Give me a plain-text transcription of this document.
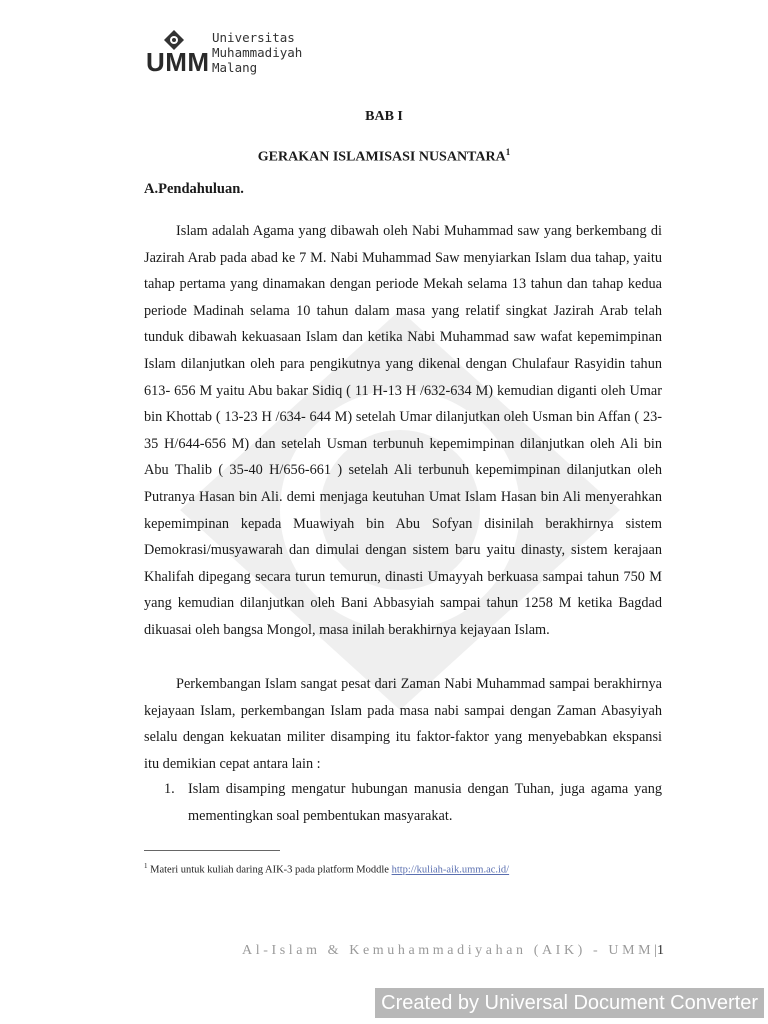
UMM
Universitas
Muhammadiyah
Malang
BAB I
GERAKAN ISLAMISASI NUSANTARA$^1$
A.Pendahuluan.

Islam adalah Agama yang dibawah oleh Nabi Muhammad saw yang berkembang di Jazirah Arab pada abad ke 7 M. Nabi Muhammad Saw menyiarkan Islam dua tahap, yaitu tahap pertama yang dinamakan dengan periode Mekah selama 13 tahun dan tahap kedua periode Madinah selama 10 tahun dalam masa yang relatif singkat Jazirah Arab telah tunduk dibawah kekuasaan Islam dan ketika Nabi Muhammad saw wafat kepemimpinan Islam dilanjutkan oleh para pengikutnya yang dikenal dengan Chulafaur Rasyidin tahun 613- 656 M yaitu Abu bakar Sidiq ( 11 H-13 H /632-634 M) kemudian diganti oleh Umar bin Khottab ( 13-23 H /634- 644 M) setelah Umar dilanjutkan oleh Usman bin Affan ( 23-35 H/644-656 M) dan setelah Usman terbunuh kepemimpinan dilanjutkan oleh Ali bin Abu Thalib ( 35-40 H/656-661 ) setelah Ali terbunuh kepemimpinan dilanjutkan oleh Putranya Hasan bin Ali. demi menjaga keutuhan Umat Islam Hasan bin Ali menyerahkan kepemimpinan kepada Muawiyah bin Abu Sofyan disinilah berakhirnya sistem Demokrasi/musyawarah dan dimulai dengan sistem baru yaitu dinasty, sistem kerajaan Khalifah dipegang secara turun temurun, dinasti Umayyah berkuasa sampai tahun 750 M yang kemudian dilanjutkan oleh Bani Abbasyiah sampai tahun 1258 M ketika Bagdad dikuasai oleh bangsa Mongol, masa inilah berakhirnya kejayaan Islam.

Perkembangan Islam sangat pesat dari Zaman Nabi Muhammad sampai berakhirnya kejayaan Islam, perkembangan Islam pada masa nabi sampai dengan Zaman Abasyiyah selalu dengan kekuatan militer disamping itu faktor-faktor yang menyebabkan ekspansi itu demikian cepat antara lain :

1. Islam disamping mengatur hubungan manusia dengan Tuhan, juga agama yang mementingkan soal pembentukan masyarakat.
$^1$ Materi untuk kuliah daring AIK-3 pada platform Moddle http://kuliah-aik.umm.ac.id/
Al-Islam & Kemuhammadiyahan (AIK) - UMM|1
Created by Universal Document Converter
